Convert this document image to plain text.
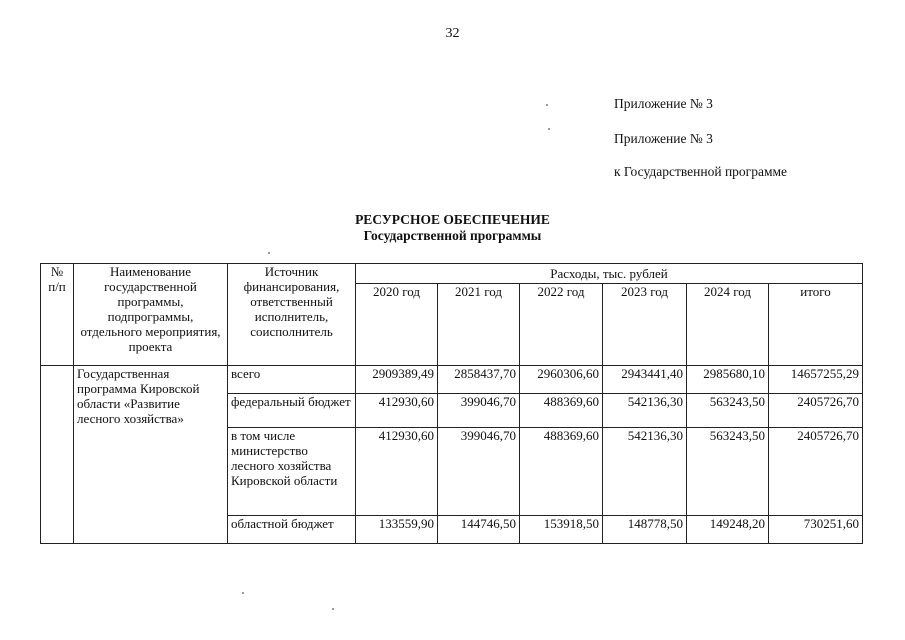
32
Приложение № 3
Приложение № 3
к Государственной программе
РЕСУРСНОЕ ОБЕСПЕЧЕНИЕ
Государственной программы
№ п/п	Наименование государственной программы, подпрограммы, отдельного мероприятия, проекта	Источник финансирования, ответственный исполнитель, соисполнитель	Расходы, тыс. рублей					
			2020 год	2021 год	2022 год	2023 год	2024 год	итого
	Государственная программа Кировской области «Развитие лесного хозяйства»	всего	2909389,49	2858437,70	2960306,60	2943441,40	2985680,10	14657255,29
		федеральный бюджет	412930,60	399046,70	488369,60	542136,30	563243,50	2405726,70
		в том числе министерство лесного хозяйства Кировской области	412930,60	399046,70	488369,60	542136,30	563243,50	2405726,70
		областной бюджет	133559,90	144746,50	153918,50	148778,50	149248,20	730251,60
